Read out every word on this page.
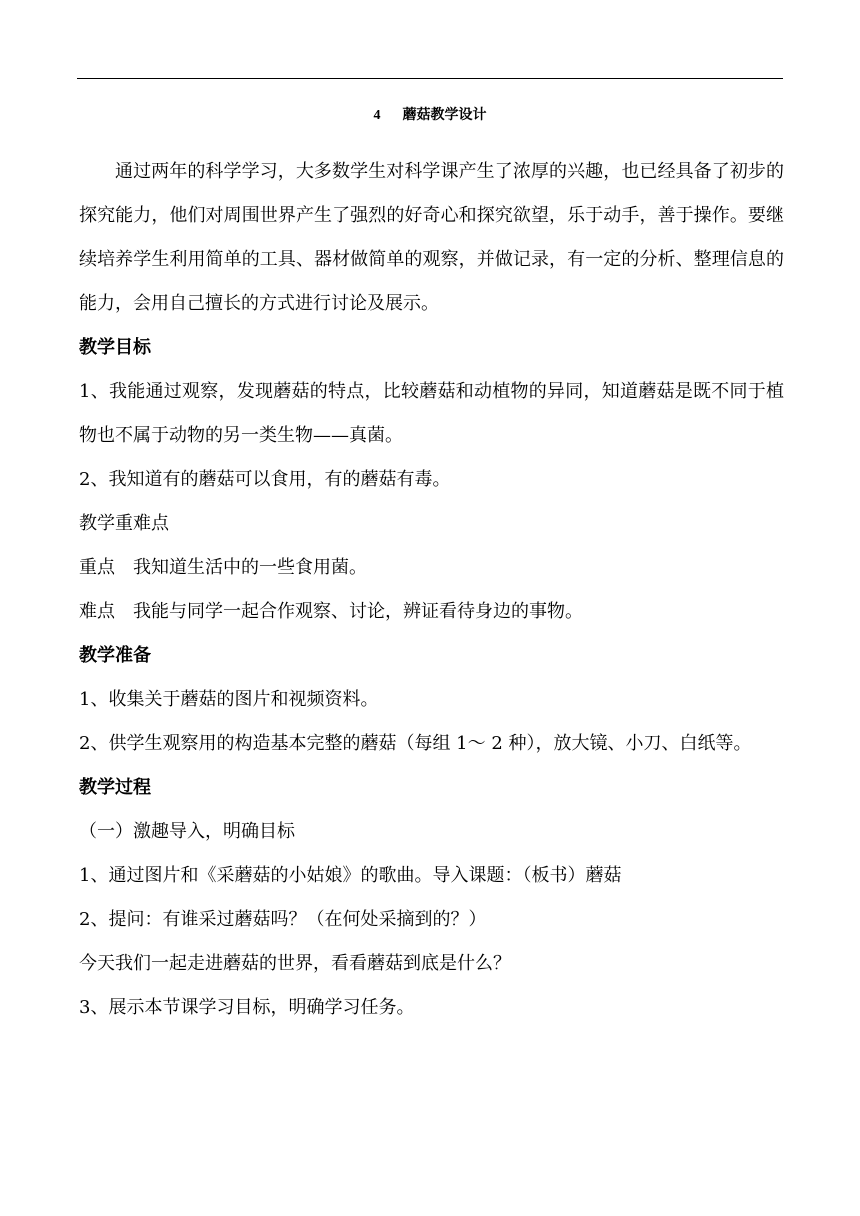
4 蘑菇教学设计

通过两年的科学学习，大多数学生对科学课产生了浓厚的兴趣，也已经具备了初步的探究能力，他们对周围世界产生了强烈的好奇心和探究欲望，乐于动手，善于操作。要继续培养学生利用简单的工具、器材做简单的观察，并做记录，有一定的分析、整理信息的能力，会用自己擅长的方式进行讨论及展示。

教学目标

1、我能通过观察，发现蘑菇的特点，比较蘑菇和动植物的异同，知道蘑菇是既不同于植物也不属于动物的另一类生物——真菌。

2、我知道有的蘑菇可以食用，有的蘑菇有毒。

教学重难点

重点 我知道生活中的一些食用菌。

难点 我能与同学一起合作观察、讨论，辨证看待身边的事物。

教学准备

1、收集关于蘑菇的图片和视频资料。

2、供学生观察用的构造基本完整的蘑菇（每组 1～ 2 种），放大镜、小刀、白纸等。

教学过程

（一）激趣导入，明确目标

1、通过图片和《采蘑菇的小姑娘》的歌曲。导入课题：（板书）蘑菇

2、提问：有谁采过蘑菇吗？（在何处采摘到的？）

今天我们一起走进蘑菇的世界，看看蘑菇到底是什么？

3、展示本节课学习目标，明确学习任务。
